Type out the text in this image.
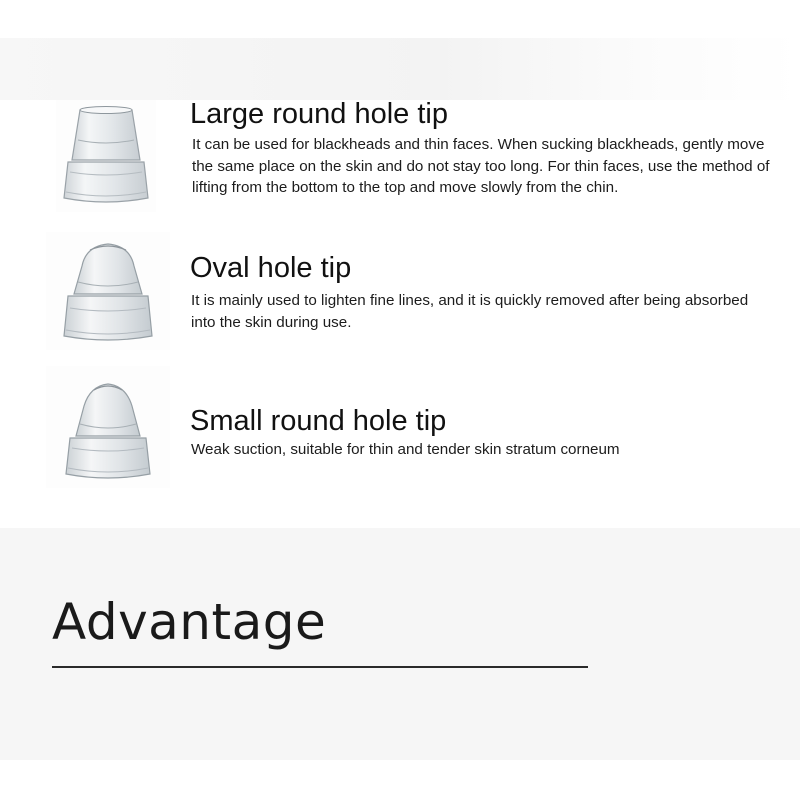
Large round hole tip
It can be used for blackheads and thin faces. When sucking blackheads, gently move the same place on the skin and do not stay too long. For thin faces, use the method of lifting from the bottom to the top and move slowly from the chin.
Oval hole tip
It is mainly used to lighten fine lines, and it is quickly removed after being absorbed into the skin during use.
Small round hole tip
Weak suction, suitable for thin and tender skin stratum corneum
Advantage
